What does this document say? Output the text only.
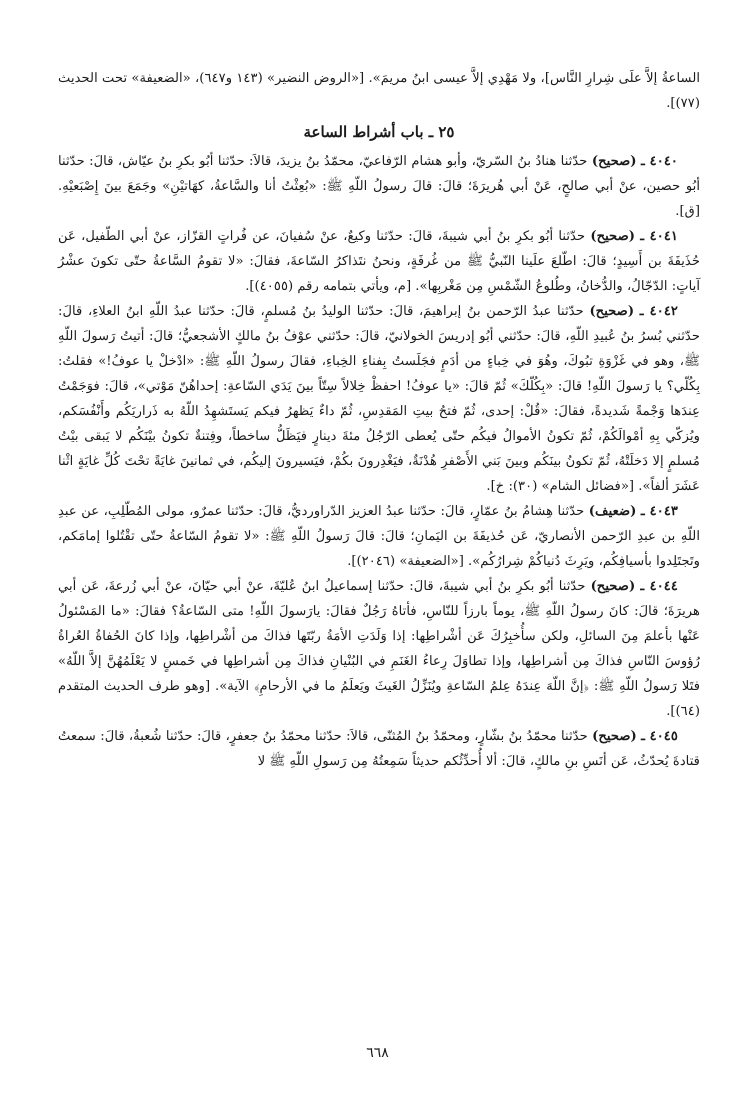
الساعةُ إلاَّ علَى شِرارِ النَّاس]، ولا مَهْدِي إلاَّ عيسى ابنُ مريمَ». [«الروض النضير» (١٤٣ و٦٤٧)، «الضعيفة» تحت الحديث (٧٧)].

٢٥ ـ باب أشراط الساعة

٤٠٤٠ ـ (صحيح) حدّثنا هنادُ بنُ السّريّ، وأبو هشام الرّفاعيّ، محمّدُ بنُ يزيدَ، قالاَ: حدّثنا أبُو بكرِ بنُ عيّاش، قالَ: حدّثنا أبُو حصين، عنْ أبي صالحٍ، عَنْ أبي هُريرَةَ؛ قالَ: قالَ رسولُ اللّهِ ﷺ: «بُعِثْتُ أنا والسَّاعةُ، كهَاتيْنِ» وجَمَعَ بينَ إِصْبَعيْهِ. [ق].

٤٠٤١ ـ (صحيح) حدّثنا أبُو بكرِ بنُ أبي شيبةَ، قالَ: حدّثنا وكيعٌ، عنْ سُفيانَ، عن فُراتٍ القزّاز، عنْ أبي الطّفيل، عَن حُذَيفَةَ بن أَسِيدٍ؛ قالَ: اطّلعَ علَينا النّبيُّ ﷺ من غُرفَةٍ، ونحنُ نتَذاكرُ السّاعةَ، فقالَ: «لا تقومُ السَّاعةُ حتّى تكونَ عشْرُ آياتٍ: الدّجّالُ، والدُّخانُ، وطُلوعُ الشّمْسِ مِن مَغْربِها». [م، ويأتي بتمامه رقم (٤٠٥٥)].

٤٠٤٢ ـ (صحيح) حدّثنا عبدُ الرّحمن بنُ إبراهيمَ، قالَ: حدّثنا الوليدُ بنُ مُسلمٍ، قالَ: حدّثنا عبدُ اللّهِ ابنُ العلاءِ، قالَ: حدّثني بُسرُ بنُ عُبيدِ اللّهِ، قالَ: حدّثني أبُو إدريسَ الخولانيّ، قالَ: حدّثني عوْفُ بنُ مالكٍ الأشجعيُّ؛ قالَ: أتيتُ رَسولَ اللّهِ ﷺ، وهو في غَزْوَةِ تبُوكَ، وهُوَ في خِباءٍ من أدَمٍ فجَلَستُ بِفناءِ الخِباءِ، فقالَ رسولُ اللّهِ ﷺ: «ادْخلْ يا عوفُ!» فقلتُ: بِكُلّي؟ يا رَسولَ اللّهِ! قالَ: «بِكُلّكَ» ثُمّ قالَ: «يا عوفُ! احفظْ خِلالاً سِتّاً بينَ يَدَي السّاعةِ: إحداهُنّ مَوْتي»، قالَ: فوَجَمْتُ عِندَها وَجْمةً شَديدةً، فقالَ: «قُلْ: إحدى، ثُمّ فتحُ بيتِ المَقدِسِ، ثُمّ داءٌ يَظهرُ فيكم يَستَشهِدُ اللّهُ به ذَراريَكُم وأَنْفُسَكم، ويُزكّي بِهِ أمْوالَكُمْ، ثُمّ تكونُ الأموالُ فيكُم حتّى يُعطى الرّجُلُ مئةَ دينارٍ فيَظَلُّ ساخطاً، وفِتنةٌ تكونُ بيْنَكُم لا يَبقى بيْتُ مُسلمٍ إلا دَخلَتْهُ، ثُمّ تكونُ بينَكُم وبينَ بَني الأَصْفرِ هُدْنَةٌ، فيَغْدِرونَ بكُمْ، فيَسيرونَ إليكُم، في ثمانينَ غايَةً تحْتَ كُلِّ غايَةٍ اثْنا عَشَرَ ألفاً». [«فضائل الشام» (٣٠): خ].

٤٠٤٣ ـ (ضعيف) حدّثنا هِشامُ بنُ عمّارٍ، قالَ: حدّثنا عبدُ العزيز الدّراورديُّ، قالَ: حدّثنا عمرٌو، مولى المُطّلِبِ، عن عبدِ اللّهِ بن عبدِ الرّحمن الأنصاريّ، عَن حُذيفَةَ بن اليَمانِ؛ قالَ: قالَ رَسولُ اللّهِ ﷺ: «لا تقومُ السّاعةُ حتّى تقْتُلوا إمامَكم، وتَجتَلِدوا بأسيافِكُم، ويَرِثَ دُنياكُمْ شِرارُكُم». [«الضعيفة» (٢٠٤٦)].

٤٠٤٤ ـ (صحيح) حدّثنا أبُو بكرِ بنُ أبي شيبةَ، قالَ: حدّثنا إسماعيلُ ابنُ عُليّةَ، عنْ أبي حيّانَ، عنْ أبي زُرعةَ، عَن أبي هريرَةَ؛ قالَ: كانَ رسولُ اللّهِ ﷺ، يوماً بارزاً للنّاسِ، فأتاهُ رَجُلٌ فقالَ: يارَسولَ اللّهِ! متى السّاعةُ؟ فقالَ: «ما المَسْئولُ عَنْها بأعلمَ مِنَ السائلِ، ولكن سأُخبِرُكَ عَن أشْراطِها: إذا وَلَدَتِ الأمَةُ ربّتَها فذاكَ من أشْراطِها، وإذا كانَ الحُفاةُ العُراةُ رُؤوسَ النّاسِ فذاكَ مِن أشراطِها، وإذا تطاوَلَ رِعاءُ الغَنَمِ في البُنْيانِ فذاكَ مِن أشراطِها في خَمسٍ لا يَعْلَمُهُنَّ إلاَّ اللّهُ» فتَلا رَسولُ اللّهِ ﷺ: ﴿إنَّ اللّهَ عِندَهُ عِلمُ السّاعةِ ويُنَزِّلُ الغَيثَ ويَعلَمُ ما في الأرحامِ﴾ الآية». [وهو طرف الحديث المتقدم (٦٤)].

٤٠٤٥ ـ (صحيح) حدّثنا محمّدُ بنُ بشّارٍ، ومحمّدُ بنُ المُثنّى، قالاَ: حدّثنا محمّدُ بنُ جعفرٍ، قالَ: حدّثنا شُعبةُ، قالَ: سمعتُ قتادةَ يُحدّثُ، عَن أنَسِ بنِ مالكٍ، قالَ: ألا أُحدِّثُكم حديثاً سَمِعتُهُ مِن رَسولِ اللّهِ ﷺ لا

٦٦٨
